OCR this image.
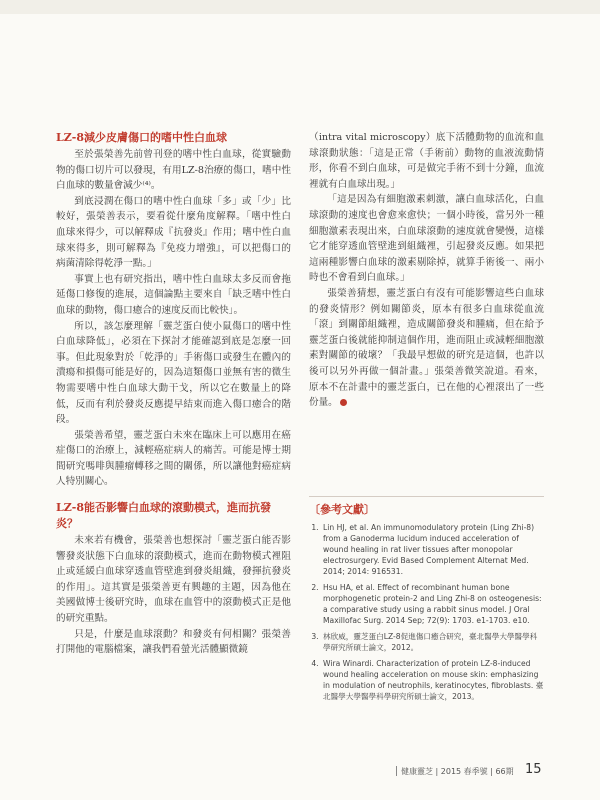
LZ-8減少皮膚傷口的嗜中性白血球

至於張榮善先前曾刊登的嗜中性白血球，從實驗動物的傷口切片可以發現，有用LZ-8治療的傷口，嗜中性白血球的數量會減少⁽⁴⁾。

到底浸潤在傷口的嗜中性白血球「多」或「少」比較好，張榮善表示，要看從什麼角度解釋。「嗜中性白血球來得少，可以解釋成『抗發炎』作用；嗜中性白血球來得多，則可解釋為『免疫力增強』，可以把傷口的病菌清除得乾淨一點。」

事實上也有研究指出，嗜中性白血球太多反而會拖延傷口修復的進展，這個論點主要來自「缺乏嗜中性白血球的動物，傷口癒合的速度反而比較快」。

所以，該怎麼理解「靈芝蛋白使小鼠傷口的嗜中性白血球降低」，必須在下探討才能確認到底是怎麼一回事。但此現象對於「乾淨的」手術傷口或發生在體內的潰瘍和損傷可能是好的，因為這類傷口並無有害的微生物需要嗜中性白血球大動干戈，所以它在數量上的降低，反而有利於發炎反應提早結束而進入傷口癒合的階段。

張榮善希望，靈芝蛋白未來在臨床上可以應用在癌症傷口的治療上，減輕癌症病人的痛苦。可能是博士期間研究嗎啡與腫瘤轉移之間的關係，所以讓他對癌症病人特別關心。

LZ-8能否影響白血球的滾動模式，進而抗發炎？

未來若有機會，張榮善也想探討「靈芝蛋白能否影響發炎狀態下白血球的滾動模式，進而在動物模式裡阻止或延緩白血球穿透血管壁進到發炎組織，發揮抗發炎的作用」。這其實是張榮善更有興趣的主題，因為他在美國做博士後研究時，血球在血管中的滾動模式正是他的研究重點。

只是，什麼是血球滾動？和發炎有何相關？張榮善打開他的電腦檔案，讓我們看螢光活體顯微鏡

（intra vital microscopy）底下活體動物的血流和血球滾動狀態：「這是正常（手術前）動物的血液流動情形，你看不到白血球，可是做完手術不到十分鐘，血流裡就有白血球出現。」

「這是因為有細胞激素刺激，讓白血球活化，白血球滾動的速度也會愈來愈快；一個小時後，當另外一種細胞激素表現出來，白血球滾動的速度就會變慢，這樣它才能穿透血管壁進到組織裡，引起發炎反應。如果把這兩種影響白血球的激素剔除掉，就算手術後一、兩小時也不會看到白血球。」

張榮善猜想，靈芝蛋白有沒有可能影響這些白血球的發炎情形？例如關節炎，原本有很多白血球從血流「滾」到關節組織裡，造成關節發炎和腫痛，但在給予靈芝蛋白後就能抑制這個作用，進而阻止或減輕細胞激素對關節的破壞？「我最早想做的研究是這個，也許以後可以另外再做一個計畫。」張榮善微笑說道。看來，原本不在計畫中的靈芝蛋白，已在他的心裡滾出了一些份量。

〔參考文獻〕
1. Lin HJ, et al. An immunomodulatory protein (Ling Zhi-8) from a Ganoderma lucidum induced acceleration of wound healing in rat liver tissues after monopolar electrosurgery. Evid Based Complement Alternat Med. 2014; 2014: 916531.
2. Hsu HA, et al. Effect of recombinant human bone morphogenetic protein-2 and Ling Zhi-8 on osteogenesis: a comparative study using a rabbit sinus model. J Oral Maxillofac Surg. 2014 Sep; 72(9): 1703. e1-1703. e10.
3. 林欣威，靈芝蛋白LZ-8促進傷口癒合研究，臺北醫學大學醫學科學研究所碩士論文，2012。
4. Wira Winardi. Characterization of protein LZ-8-induced wound healing acceleration on mouse skin: emphasizing in modulation of neutrophils, keratinocytes, fibroblasts. 臺北醫學大學醫學科學研究所碩士論文，2013。
健康靈芝 | 2015 春季號 | 66期 15
